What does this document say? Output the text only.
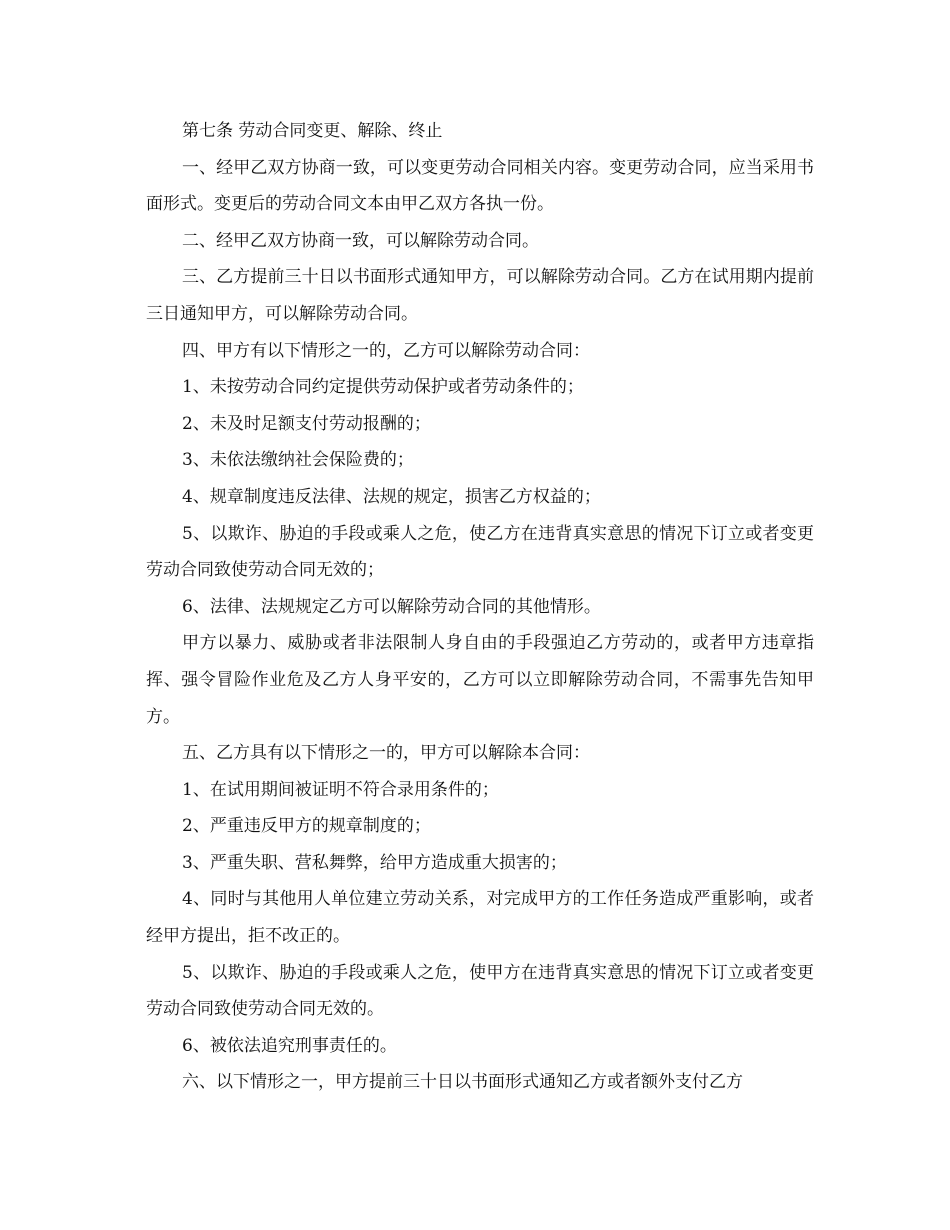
第七条 劳动合同变更、解除、终止

一、经甲乙双方协商一致，可以变更劳动合同相关内容。变更劳动合同，应当采用书面形式。变更后的劳动合同文本由甲乙双方各执一份。

二、经甲乙双方协商一致，可以解除劳动合同。

三、乙方提前三十日以书面形式通知甲方，可以解除劳动合同。乙方在试用期内提前三日通知甲方，可以解除劳动合同。

四、甲方有以下情形之一的，乙方可以解除劳动合同：

1、未按劳动合同约定提供劳动保护或者劳动条件的；

2、未及时足额支付劳动报酬的；

3、未依法缴纳社会保险费的；

4、规章制度违反法律、法规的规定，损害乙方权益的；

5、以欺诈、胁迫的手段或乘人之危，使乙方在违背真实意思的情况下订立或者变更劳动合同致使劳动合同无效的；

6、法律、法规规定乙方可以解除劳动合同的其他情形。

甲方以暴力、威胁或者非法限制人身自由的手段强迫乙方劳动的，或者甲方违章指挥、强令冒险作业危及乙方人身平安的，乙方可以立即解除劳动合同，不需事先告知甲方。

五、乙方具有以下情形之一的，甲方可以解除本合同：

1、在试用期间被证明不符合录用条件的；

2、严重违反甲方的规章制度的；

3、严重失职、营私舞弊，给甲方造成重大损害的；

4、同时与其他用人单位建立劳动关系，对完成甲方的工作任务造成严重影响，或者经甲方提出，拒不改正的。

5、以欺诈、胁迫的手段或乘人之危，使甲方在违背真实意思的情况下订立或者变更劳动合同致使劳动合同无效的。

6、被依法追究刑事责任的。

六、以下情形之一，甲方提前三十日以书面形式通知乙方或者额外支付乙方
